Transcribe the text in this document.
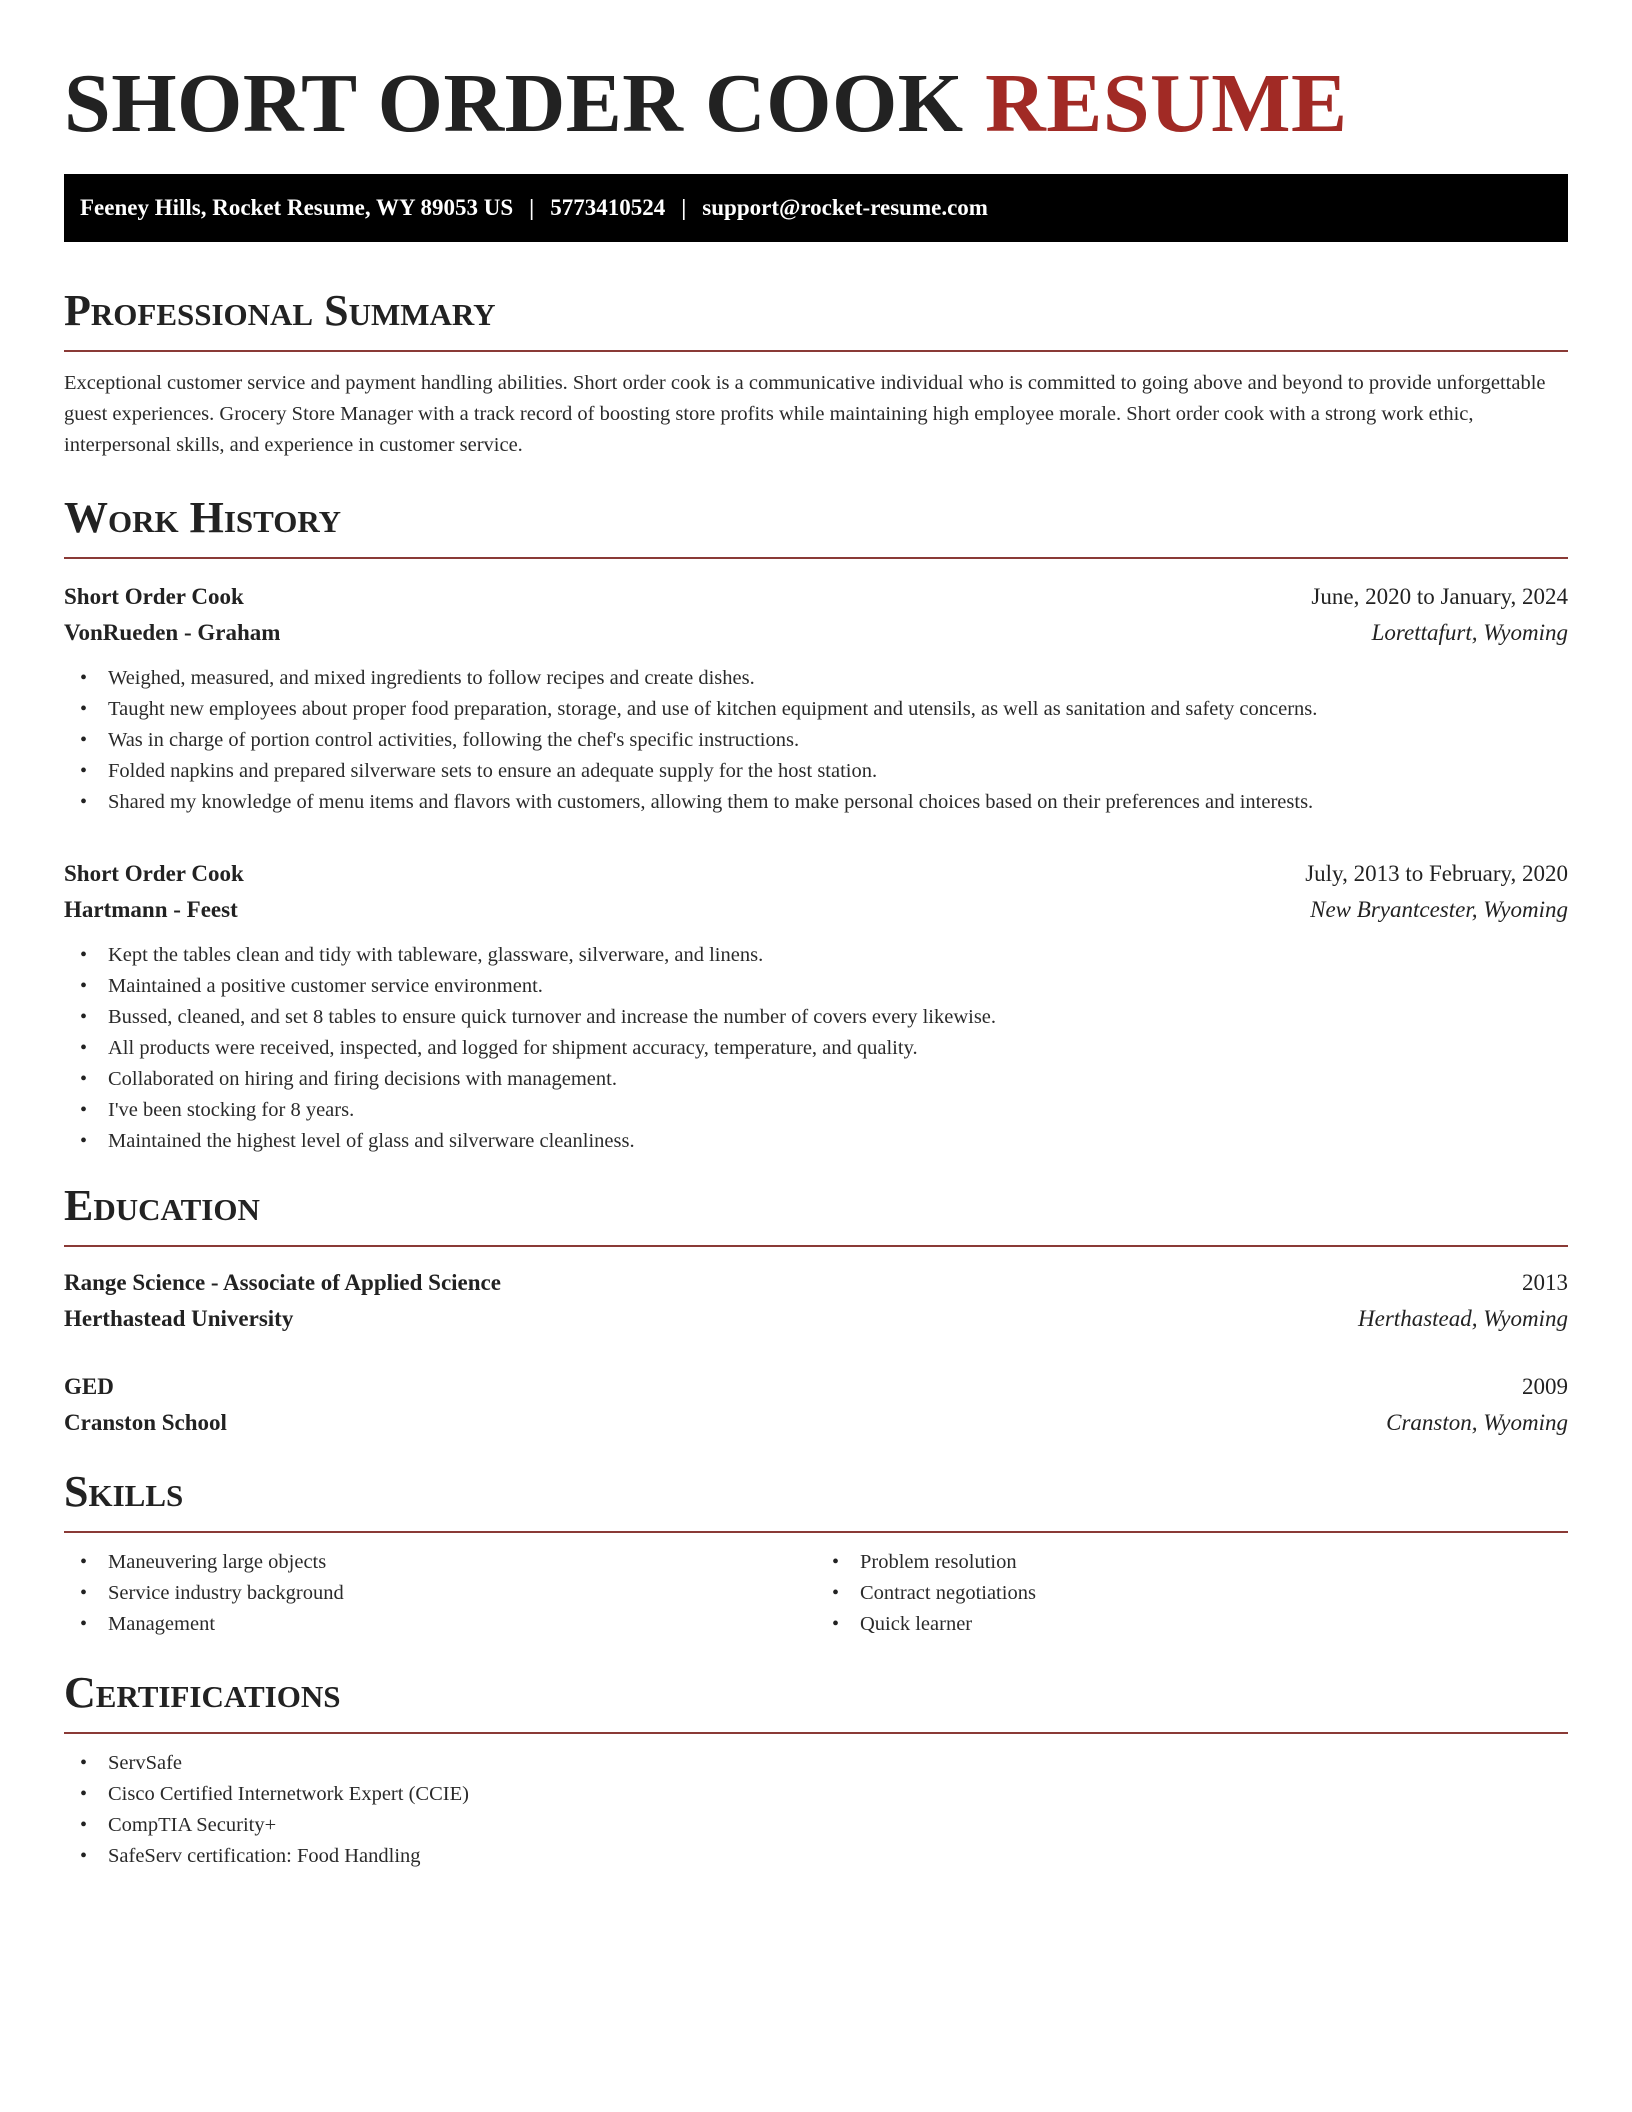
SHORT ORDER COOK RESUME
Feeney Hills, Rocket Resume, WY 89053 US | 5773410524 | support@rocket-resume.com
Professional Summary

Exceptional customer service and payment handling abilities. Short order cook is a communicative individual who is committed to going above and beyond to provide unforgettable guest experiences. Grocery Store Manager with a track record of boosting store profits while maintaining high employee morale. Short order cook with a strong work ethic, interpersonal skills, and experience in customer service.

Work History
Short Order Cook	June, 2020 to January, 2024
VonRueden - Graham	Lorettafurt, Wyoming
• Weighed, measured, and mixed ingredients to follow recipes and create dishes.
• Taught new employees about proper food preparation, storage, and use of kitchen equipment and utensils, as well as sanitation and safety concerns.
• Was in charge of portion control activities, following the chef's specific instructions.
• Folded napkins and prepared silverware sets to ensure an adequate supply for the host station.
• Shared my knowledge of menu items and flavors with customers, allowing them to make personal choices based on their preferences and interests.
Short Order Cook	July, 2013 to February, 2020
Hartmann - Feest	New Bryantcester, Wyoming
• Kept the tables clean and tidy with tableware, glassware, silverware, and linens.
• Maintained a positive customer service environment.
• Bussed, cleaned, and set 8 tables to ensure quick turnover and increase the number of covers every likewise.
• All products were received, inspected, and logged for shipment accuracy, temperature, and quality.
• Collaborated on hiring and firing decisions with management.
• I've been stocking for 8 years.
• Maintained the highest level of glass and silverware cleanliness.
Education
Range Science - Associate of Applied Science	2013
Herthastead University	Herthastead, Wyoming
GED	2009
Cranston School	Cranston, Wyoming
Skills
• Maneuvering large objects
• Service industry background
• Management
• Problem resolution
• Contract negotiations
• Quick learner
Certifications
• ServSafe
• Cisco Certified Internetwork Expert (CCIE)
• CompTIA Security+
• SafeServ certification: Food Handling
